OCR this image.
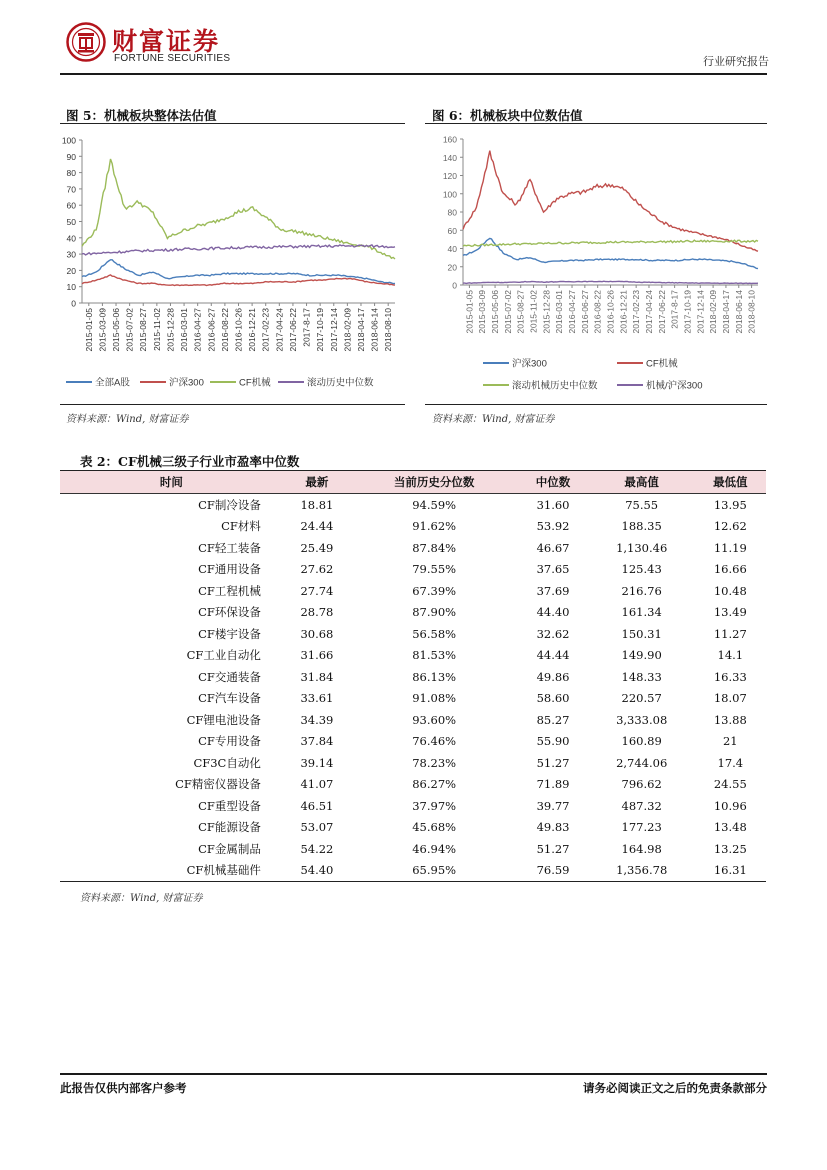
财富证券
FORTUNE SECURITIES	行业研究报告
图 5：机械板块整体法估值
0
10
20
30
40
50
60
70
80
90
100
2015-01-05 2015-03-09 2015-05-06 2015-07-02 2015-08-27 2015-11-02 2015-12-28 2016-03-01 2016-04-27 2016-06-27 2016-08-22 2016-10-26 2016-12-21 2017-02-23 2017-04-24 2017-06-22 2017-8-17 2017-10-19 2017-12-14 2018-02-09 2018-04-17 2018-06-14 2018-08-10
全部A股	沪深300	CF机械	滚动历史中位数
资料来源：Wind, 财富证券
图 6：机械板块中位数估值
0
20
40
60
80
100
120
140
160
2015-01-05 2015-03-09 2015-05-06 2015-07-02 2015-08-27 2015-11-02 2015-12-28 2016-03-01 2016-04-27 2016-06-27 2016-08-22 2016-10-26 2016-12-21 2017-02-23 2017-04-24 2017-06-22 2017-8-17 2017-10-19 2017-12-14 2018-02-09 2018-04-17 2018-06-14 2018-08-10
沪深300	CF机械
滚动机械历史中位数	机械/沪深300
资料来源：Wind, 财富证券
表 2：CF机械三级子行业市盈率中位数
时间	最新	当前历史分位数	中位数	最高值	最低值
CF制冷设备	18.81	94.59%	31.60	75.55	13.95
CF材料	24.44	91.62%	53.92	188.35	12.62
CF轻工装备	25.49	87.84%	46.67	1,130.46	11.19
CF通用设备	27.62	79.55%	37.65	125.43	16.66
CF工程机械	27.74	67.39%	37.69	216.76	10.48
CF环保设备	28.78	87.90%	44.40	161.34	13.49
CF楼宇设备	30.68	56.58%	32.62	150.31	11.27
CF工业自动化	31.66	81.53%	44.44	149.90	14.1
CF交通装备	31.84	86.13%	49.86	148.33	16.33
CF汽车设备	33.61	91.08%	58.60	220.57	18.07
CF锂电池设备	34.39	93.60%	85.27	3,333.08	13.88
CF专用设备	37.84	76.46%	55.90	160.89	21
CF3C自动化	39.14	78.23%	51.27	2,744.06	17.4
CF精密仪器设备	41.07	86.27%	71.89	796.62	24.55
CF重型设备	46.51	37.97%	39.77	487.32	10.96
CF能源设备	53.07	45.68%	49.83	177.23	13.48
CF金属制品	54.22	46.94%	51.27	164.98	13.25
CF机械基础件	54.40	65.95%	76.59	1,356.78	16.31
资料来源：Wind, 财富证券
此报告仅供内部客户参考	请务必阅读正文之后的免责条款部分
